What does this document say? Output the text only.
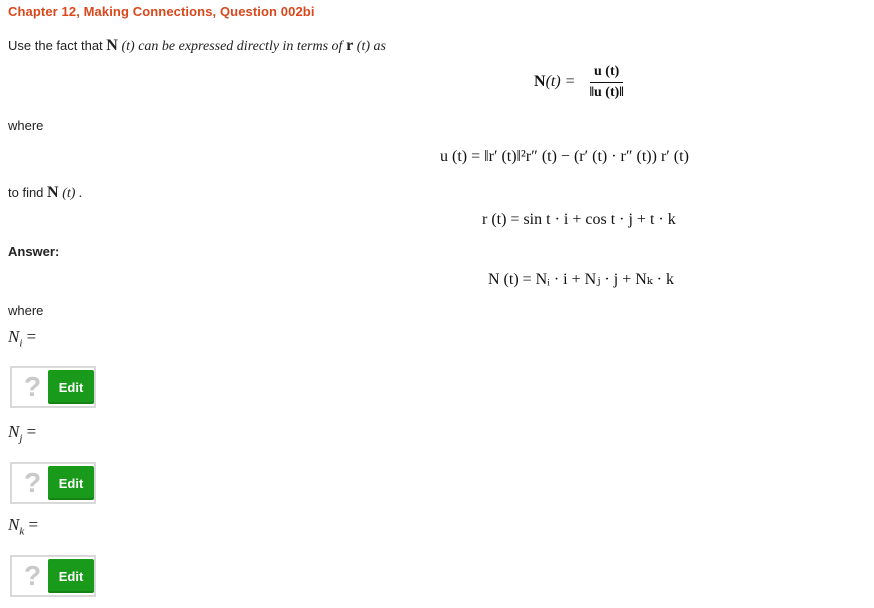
Chapter 12, Making Connections, Question 002bi
Use the fact that N (t) can be expressed directly in terms of r (t) as
$N(t) = \frac{u (t)}{‖u (t)‖}$
where
u (t) = ‖r′ (t)‖²r″ (t) − (r′ (t) · r″ (t)) r′ (t)
to find N (t) .
r (t) = sin t · i + cos t · j + t · k
Answer:
N (t) = Nᵢ · i + Nⱼ · j + Nₖ · k
where
$N_i$ =
?	Edit
$N_j$ =
?	Edit
$N_k$ =
?	Edit
